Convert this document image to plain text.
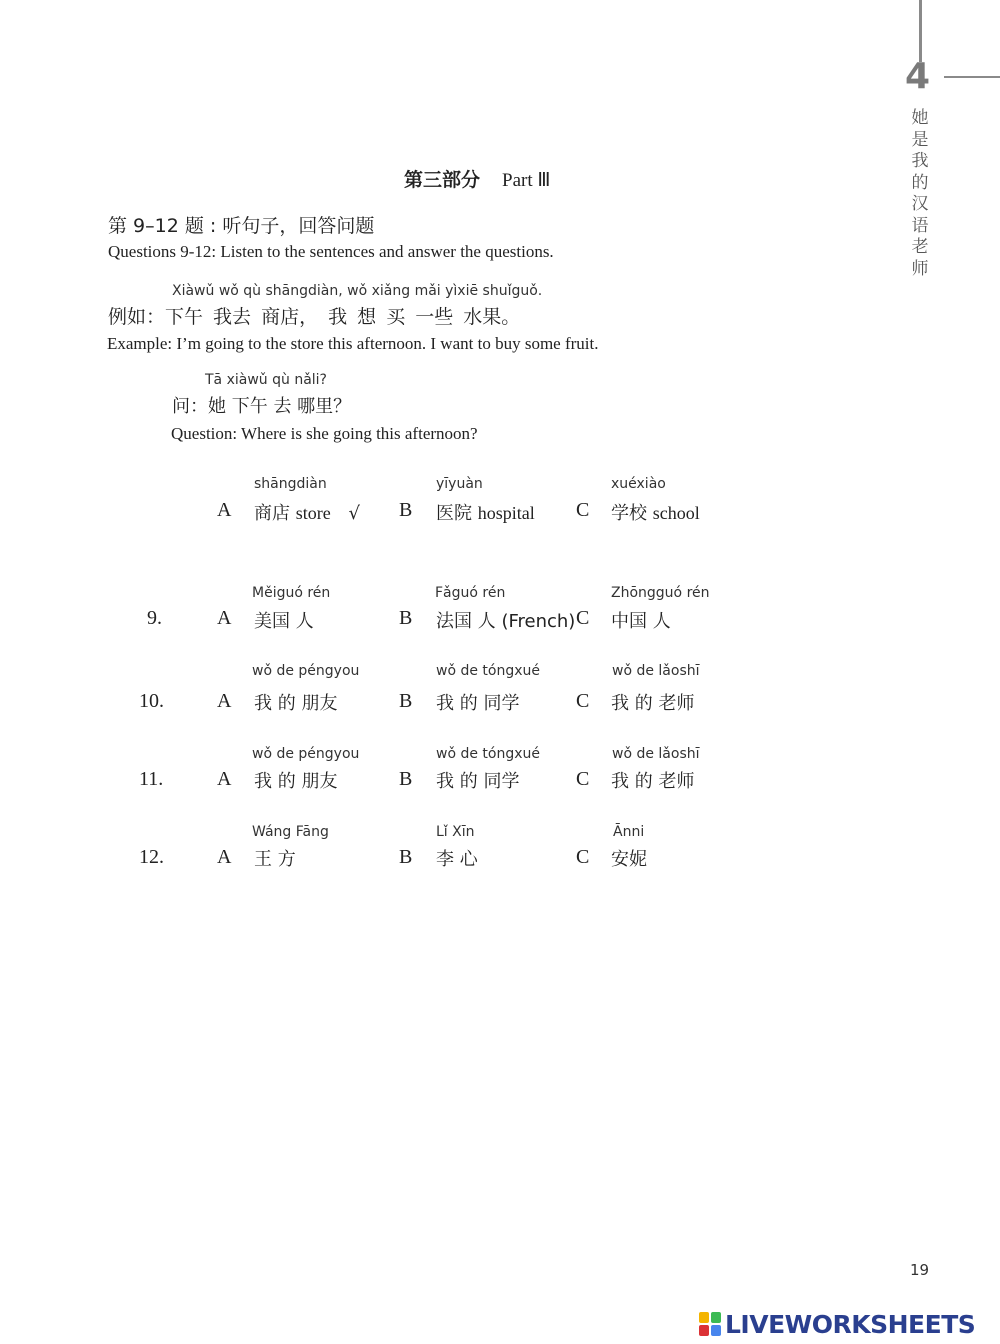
4
她
是
我
的
汉
语
老
师
第三部分 Part Ⅲ
第 9–12 题 : 听句子，回答问题
Questions 9-12: Listen to the sentences and answer the questions.
Xiàwǔ wǒ qù shāngdiàn, wǒ xiǎng mǎi yìxiē shuǐguǒ.
例如：下午 我去 商店， 我 想 买 一些 水果。
Example: I’m going to the store this afternoon. I want to buy some fruit.
Tā xiàwǔ qù nǎli?
问：她 下午 去 哪里？
Question: Where is she going this afternoon?
shāngdiàn
A 商店 store √
yīyuàn
B 医院 hospital
xuéxiào
C 学校 school
9.
Měiguó rén
A 美国 人
Fǎguó rén
B 法国 人 (French)
Zhōngguó rén
C 中国 人
10.
wǒ de péngyou
A 我 的 朋友
wǒ de tóngxué
B 我 的 同学
wǒ de lǎoshī
C 我 的 老师
11.
wǒ de péngyou
A 我 的 朋友
wǒ de tóngxué
B 我 的 同学
wǒ de lǎoshī
C 我 的 老师
12.
Wáng Fāng
A 王 方
Lǐ Xīn
B 李 心
Ānni
C 安妮
19
LIVEWORKSHEETS
